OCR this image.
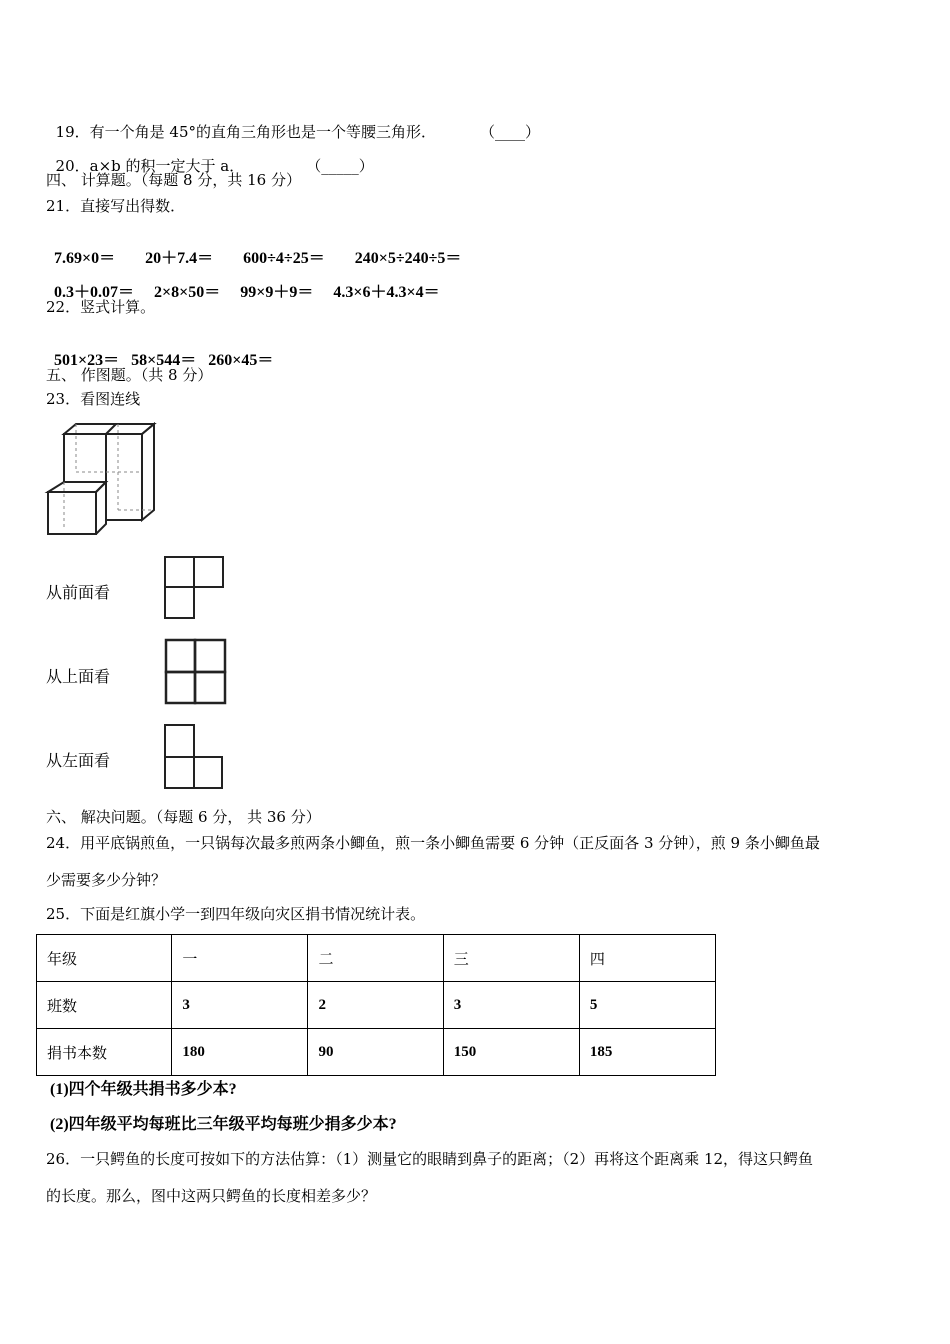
19．有一个角是 45°的直角三角形也是一个等腰三角形．	（____）

20．a×b 的积一定大于 a．	（_____）

四、 计算题。（每题 8 分，共 16 分）
21．直接写出得数．

7.69×0＝ 20＋7.4＝ 600÷4÷25＝ 240×5÷240÷5＝

0.3＋0.07＝ 2×8×50＝ 99×9＋9＝ 4.3×6＋4.3×4＝

22．竖式计算。

501×23＝ 58×544＝ 260×45＝

五、 作图题。（共 8 分）
23．看图连线
从前面看
从上面看
从左面看
六、 解决问题。（每题 6 分， 共 36 分）
24．用平底锅煎鱼，一只锅每次最多煎两条小鲫鱼，煎一条小鲫鱼需要 6 分钟（正反面各 3 分钟），煎 9 条小鲫鱼最
少需要多少分钟？
25．下面是红旗小学一到四年级向灾区捐书情况统计表。
年级	一	二	三	四
班数	3	2	3	5
捐书本数	180	90	150	185
(1)四个年级共捐书多少本?
(2)四年级平均每班比三年级平均每班少捐多少本?
26．一只鳄鱼的长度可按如下的方法估算：（1）测量它的眼睛到鼻子的距离；（2）再将这个距离乘 12，得这只鳄鱼
的长度。那么，图中这两只鳄鱼的长度相差多少？
